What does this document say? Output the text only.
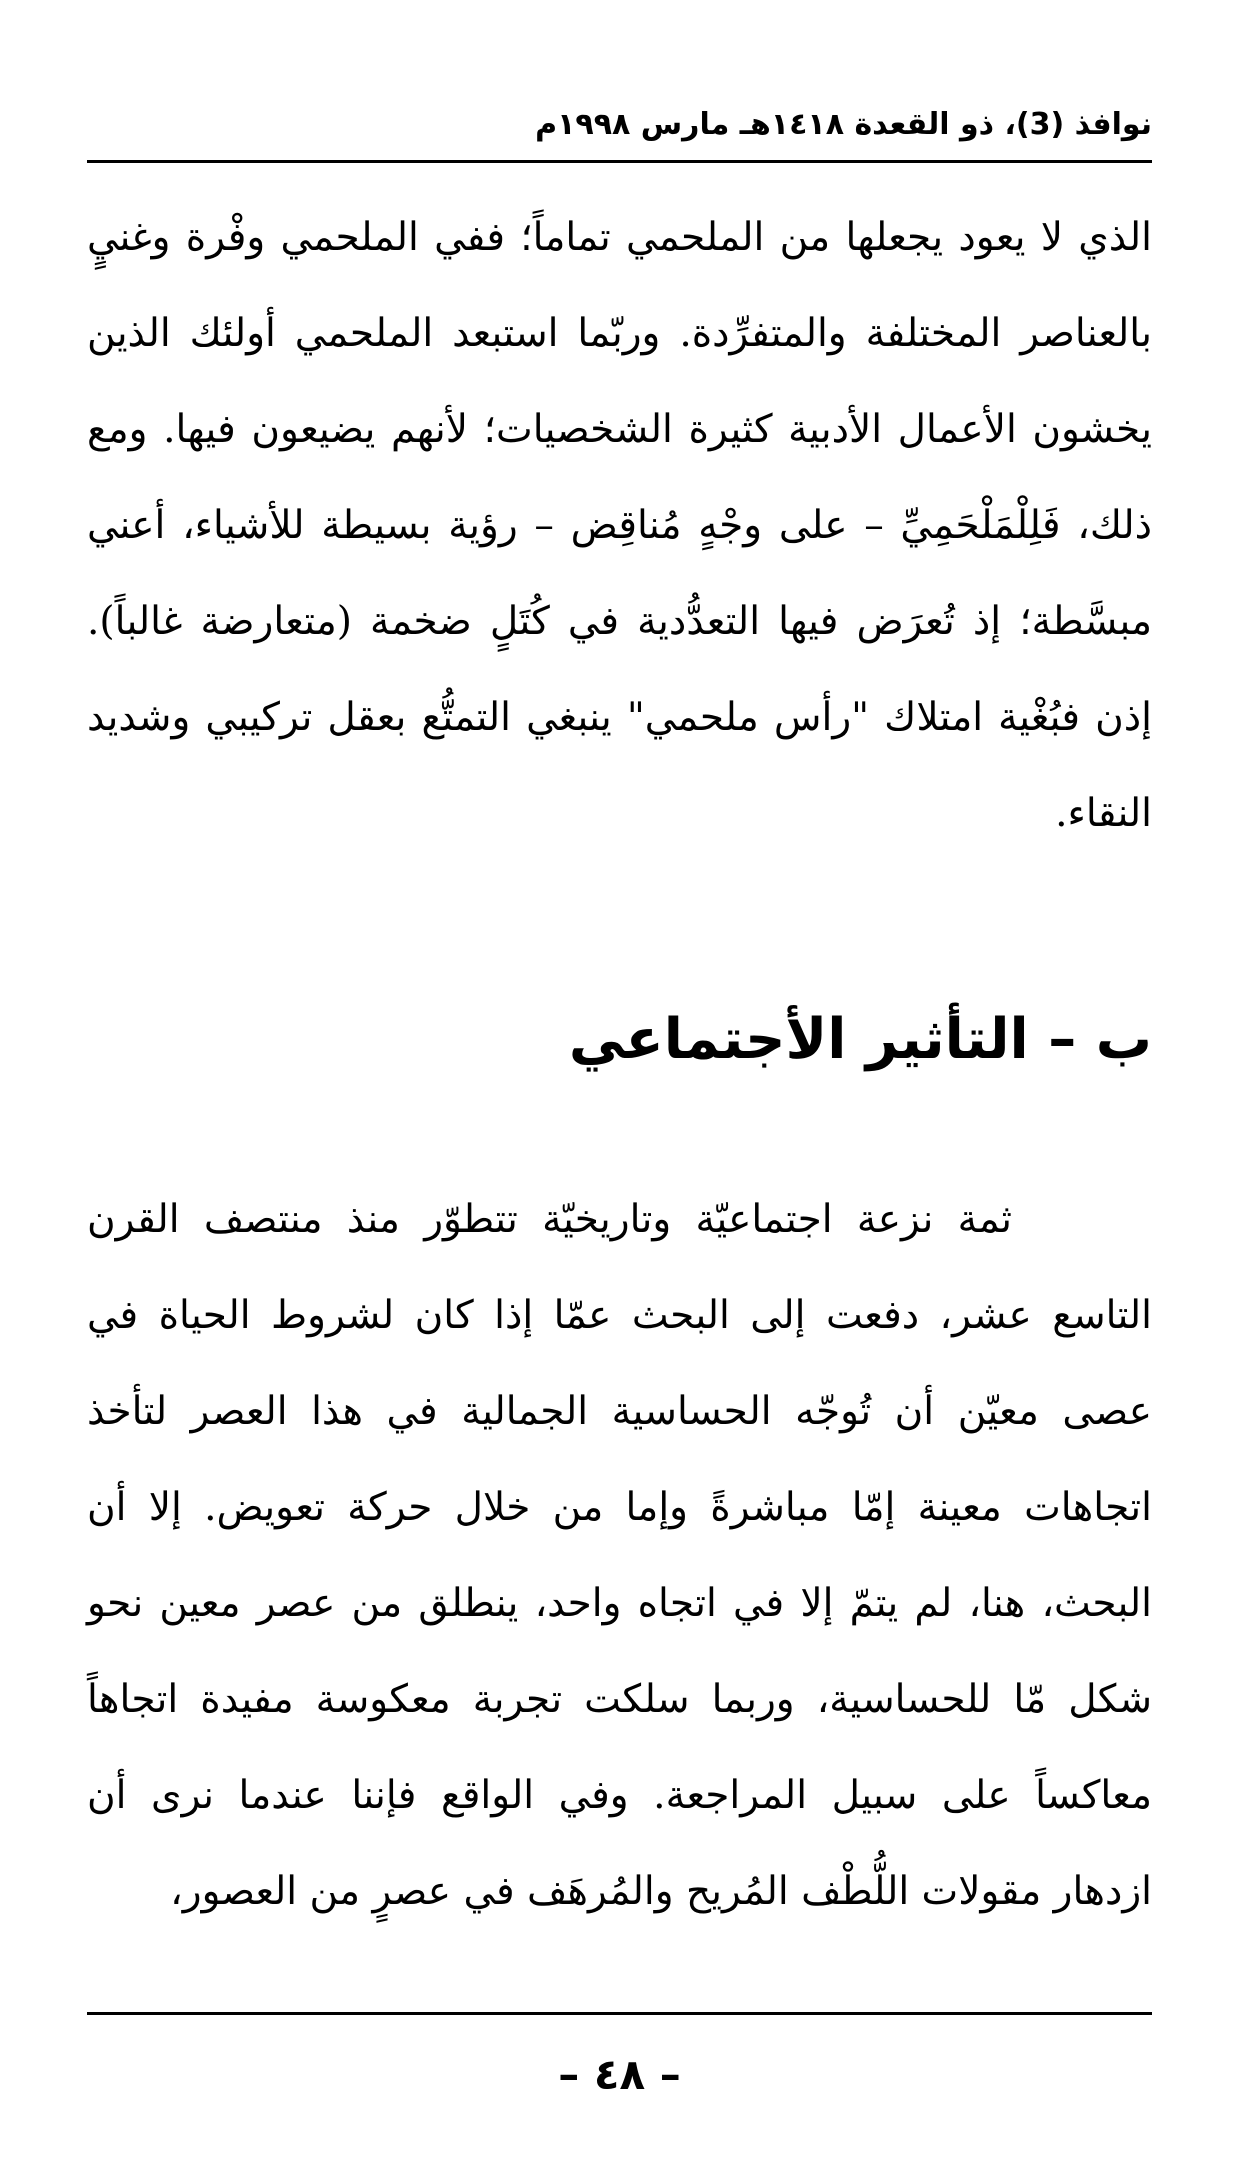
نوافذ (3)، ذو القعدة ١٤١٨هـ مارس ١٩٩٨م

الذي لا يعود يجعلها من الملحمي تماماً؛ ففي الملحمي وفْرة وغنيٍ بالعناصر المختلفة والمتفرِّدة. وربّما استبعد الملحمي أولئك الذين يخشون الأعمال الأدبية كثيرة الشخصيات؛ لأنهم يضيعون فيها. ومع ذلك، فَلِلْمَلْحَمِيِّ – على وجْهٍ مُناقِض – رؤية بسيطة للأشياء، أعني مبسَّطة؛ إذ تُعرَض فيها التعدُّدية في كُتَلٍ ضخمة (متعارضة غالباً). إذن فبُغْية امتلاك "رأس ملحمي" ينبغي التمتُّع بعقل تركيبي وشديد النقاء.

ب – التأثير الأجتماعي

ثمة نزعة اجتماعيّة وتاريخيّة تتطوّر منذ منتصف القرن التاسع عشر، دفعت إلى البحث عمّا إذا كان لشروط الحياة في عصى معيّن أن تُوجّه الحساسية الجمالية في هذا العصر لتأخذ اتجاهات معينة إمّا مباشرةً وإما من خلال حركة تعويض. إلا أن البحث، هنا، لم يتمّ إلا في اتجاه واحد، ينطلق من عصر معين نحو شكل مّا للحساسية، وربما سلكت تجربة معكوسة مفيدة اتجاهاً معاكساً على سبيل المراجعة. وفي الواقع فإننا عندما نرى أن ازدهار مقولات اللُّطْف المُريح والمُرهَف في عصرٍ من العصور،

– ٤٨ –
